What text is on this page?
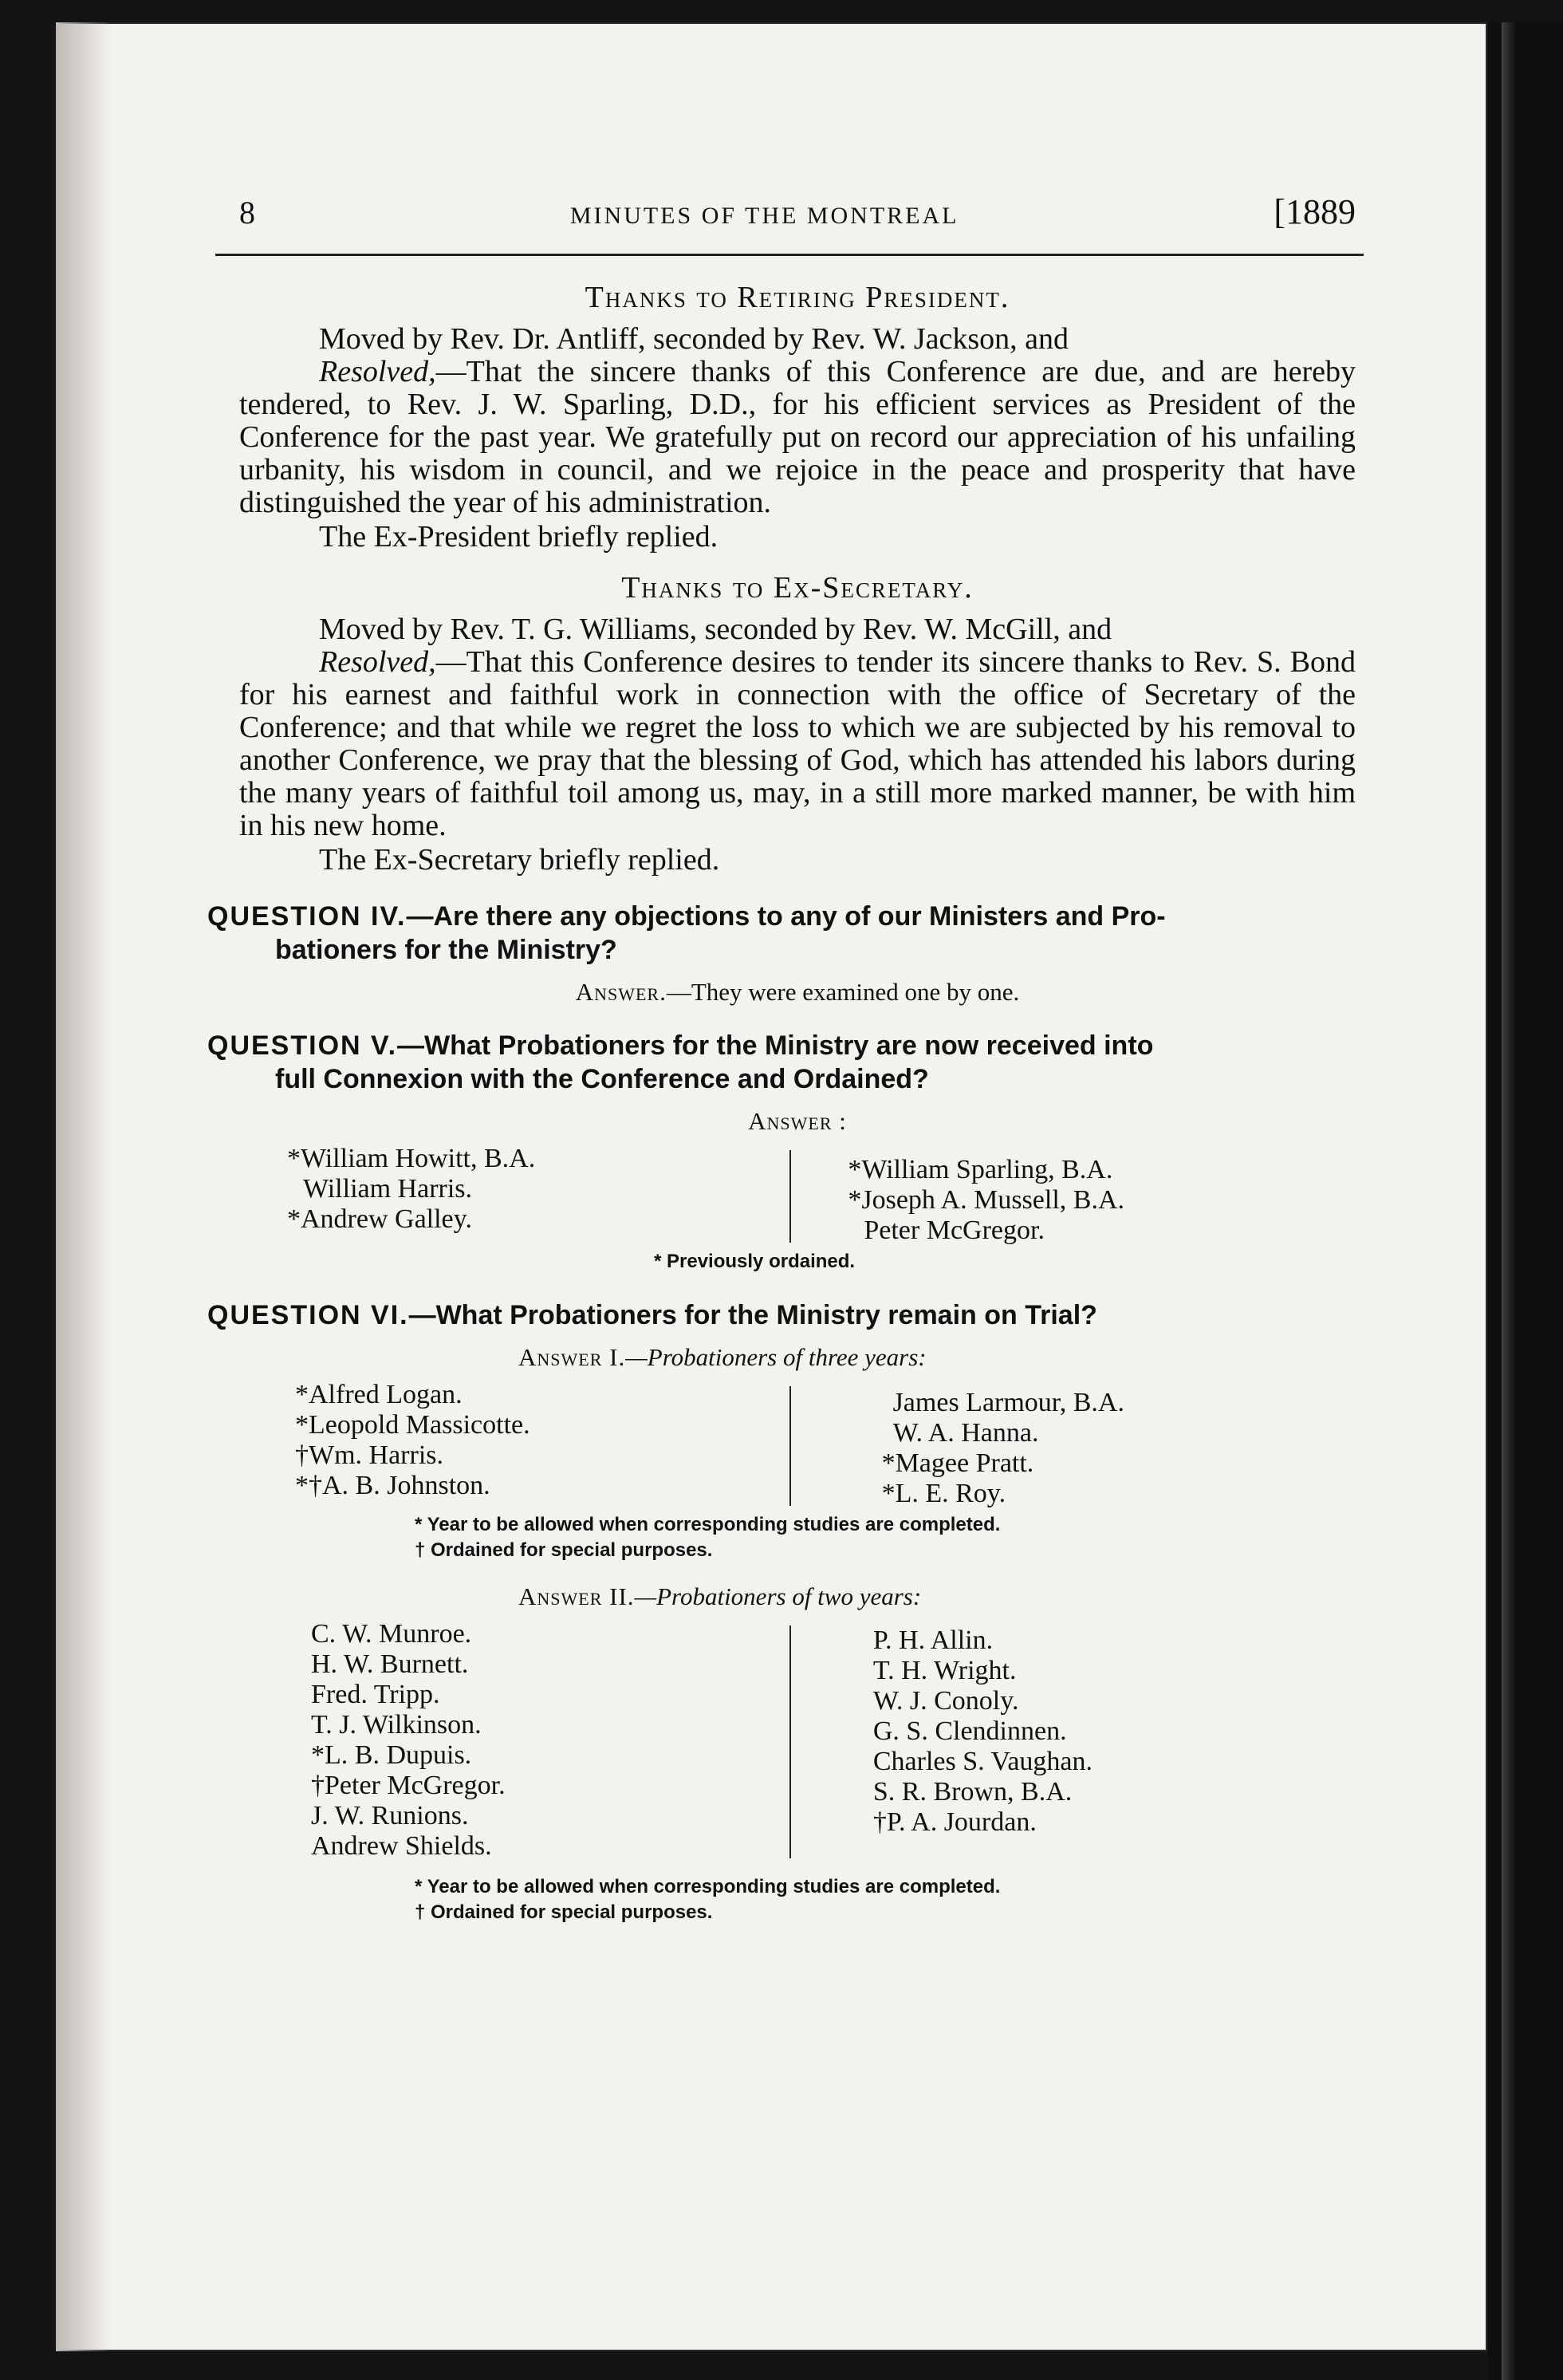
8	MINUTES OF THE MONTREAL	[1889
Thanks to Retiring President.

Moved by Rev. Dr. Antliff, seconded by Rev. W. Jackson, and

Resolved,—That the sincere thanks of this Conference are due, and are hereby tendered, to Rev. J. W. Sparling, D.D., for his efficient services as President of the Conference for the past year. We gratefully put on record our appreciation of his unfailing urbanity, his wisdom in council, and we rejoice in the peace and prosperity that have distinguished the year of his administration.

The Ex-President briefly replied.

Thanks to Ex-Secretary.

Moved by Rev. T. G. Williams, seconded by Rev. W. McGill, and

Resolved,—That this Conference desires to tender its sincere thanks to Rev. S. Bond for his earnest and faithful work in connection with the office of Secretary of the Conference; and that while we regret the loss to which we are subjected by his removal to another Conference, we pray that the blessing of God, which has attended his labors during the many years of faithful toil among us, may, in a still more marked manner, be with him in his new home.

The Ex-Secretary briefly replied.

QUESTION IV.—Are there any objections to any of our Ministers and Pro-
bationers for the Ministry?
Answer.—They were examined one by one.
QUESTION V.—What Probationers for the Ministry are now received into
full Connexion with the Conference and Ordained?
Answer :
*William Howitt, B.A.
William Harris.
*Andrew Galley.
*William Sparling, B.A.
*Joseph A. Mussell, B.A.
Peter McGregor.
* Previously ordained.
QUESTION VI.—What Probationers for the Ministry remain on Trial?
Answer I.—Probationers of three years:
*Alfred Logan.
*Leopold Massicotte.
†Wm. Harris.
*†A. B. Johnston.
James Larmour, B.A.
W. A. Hanna.
*Magee Pratt.
*L. E. Roy.
* Year to be allowed when corresponding studies are completed.
† Ordained for special purposes.
Answer II.—Probationers of two years:
C. W. Munroe.
H. W. Burnett.
Fred. Tripp.
T. J. Wilkinson.
*L. B. Dupuis.
†Peter McGregor.
J. W. Runions.
Andrew Shields.
P. H. Allin.
T. H. Wright.
W. J. Conoly.
G. S. Clendinnen.
Charles S. Vaughan.
S. R. Brown, B.A.
†P. A. Jourdan.
* Year to be allowed when corresponding studies are completed.
† Ordained for special purposes.
